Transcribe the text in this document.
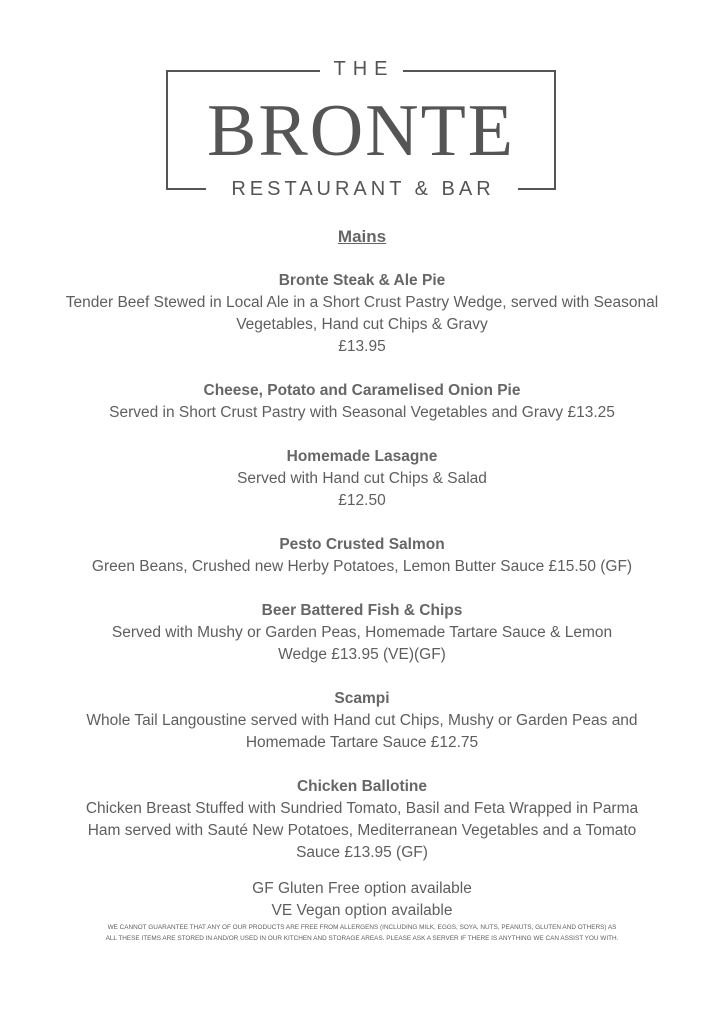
THE
BRONTE
RESTAURANT & BAR
Mains
Bronte Steak & Ale Pie
Tender Beef Stewed in Local Ale in a Short Crust Pastry Wedge, served with Seasonal Vegetables, Hand cut Chips & Gravy
£13.95
Cheese, Potato and Caramelised Onion Pie
Served in Short Crust Pastry with Seasonal Vegetables and Gravy £13.25
Homemade Lasagne
Served with Hand cut Chips & Salad
£12.50
Pesto Crusted Salmon
Green Beans, Crushed new Herby Potatoes, Lemon Butter Sauce £15.50 (GF)
Beer Battered Fish & Chips
Served with Mushy or Garden Peas, Homemade Tartare Sauce & Lemon Wedge £13.95 (VE)(GF)
Scampi
Whole Tail Langoustine served with Hand cut Chips, Mushy or Garden Peas and Homemade Tartare Sauce £12.75
Chicken Ballotine
Chicken Breast Stuffed with Sundried Tomato, Basil and Feta Wrapped in Parma Ham served with Sauté New Potatoes, Mediterranean Vegetables and a Tomato Sauce £13.95 (GF)
GF Gluten Free option available
VE Vegan option available
WE CANNOT GUARANTEE THAT ANY OF OUR PRODUCTS ARE FREE FROM ALLERGENS (INCLUDING MILK, EGGS, SOYA, NUTS, PEANUTS, GLUTEN AND OTHERS) AS
ALL THESE ITEMS ARE STORED IN AND/OR USED IN OUR KITCHEN AND STORAGE AREAS. PLEASE ASK A SERVER IF THERE IS ANYTHING WE CAN ASSIST YOU WITH.
